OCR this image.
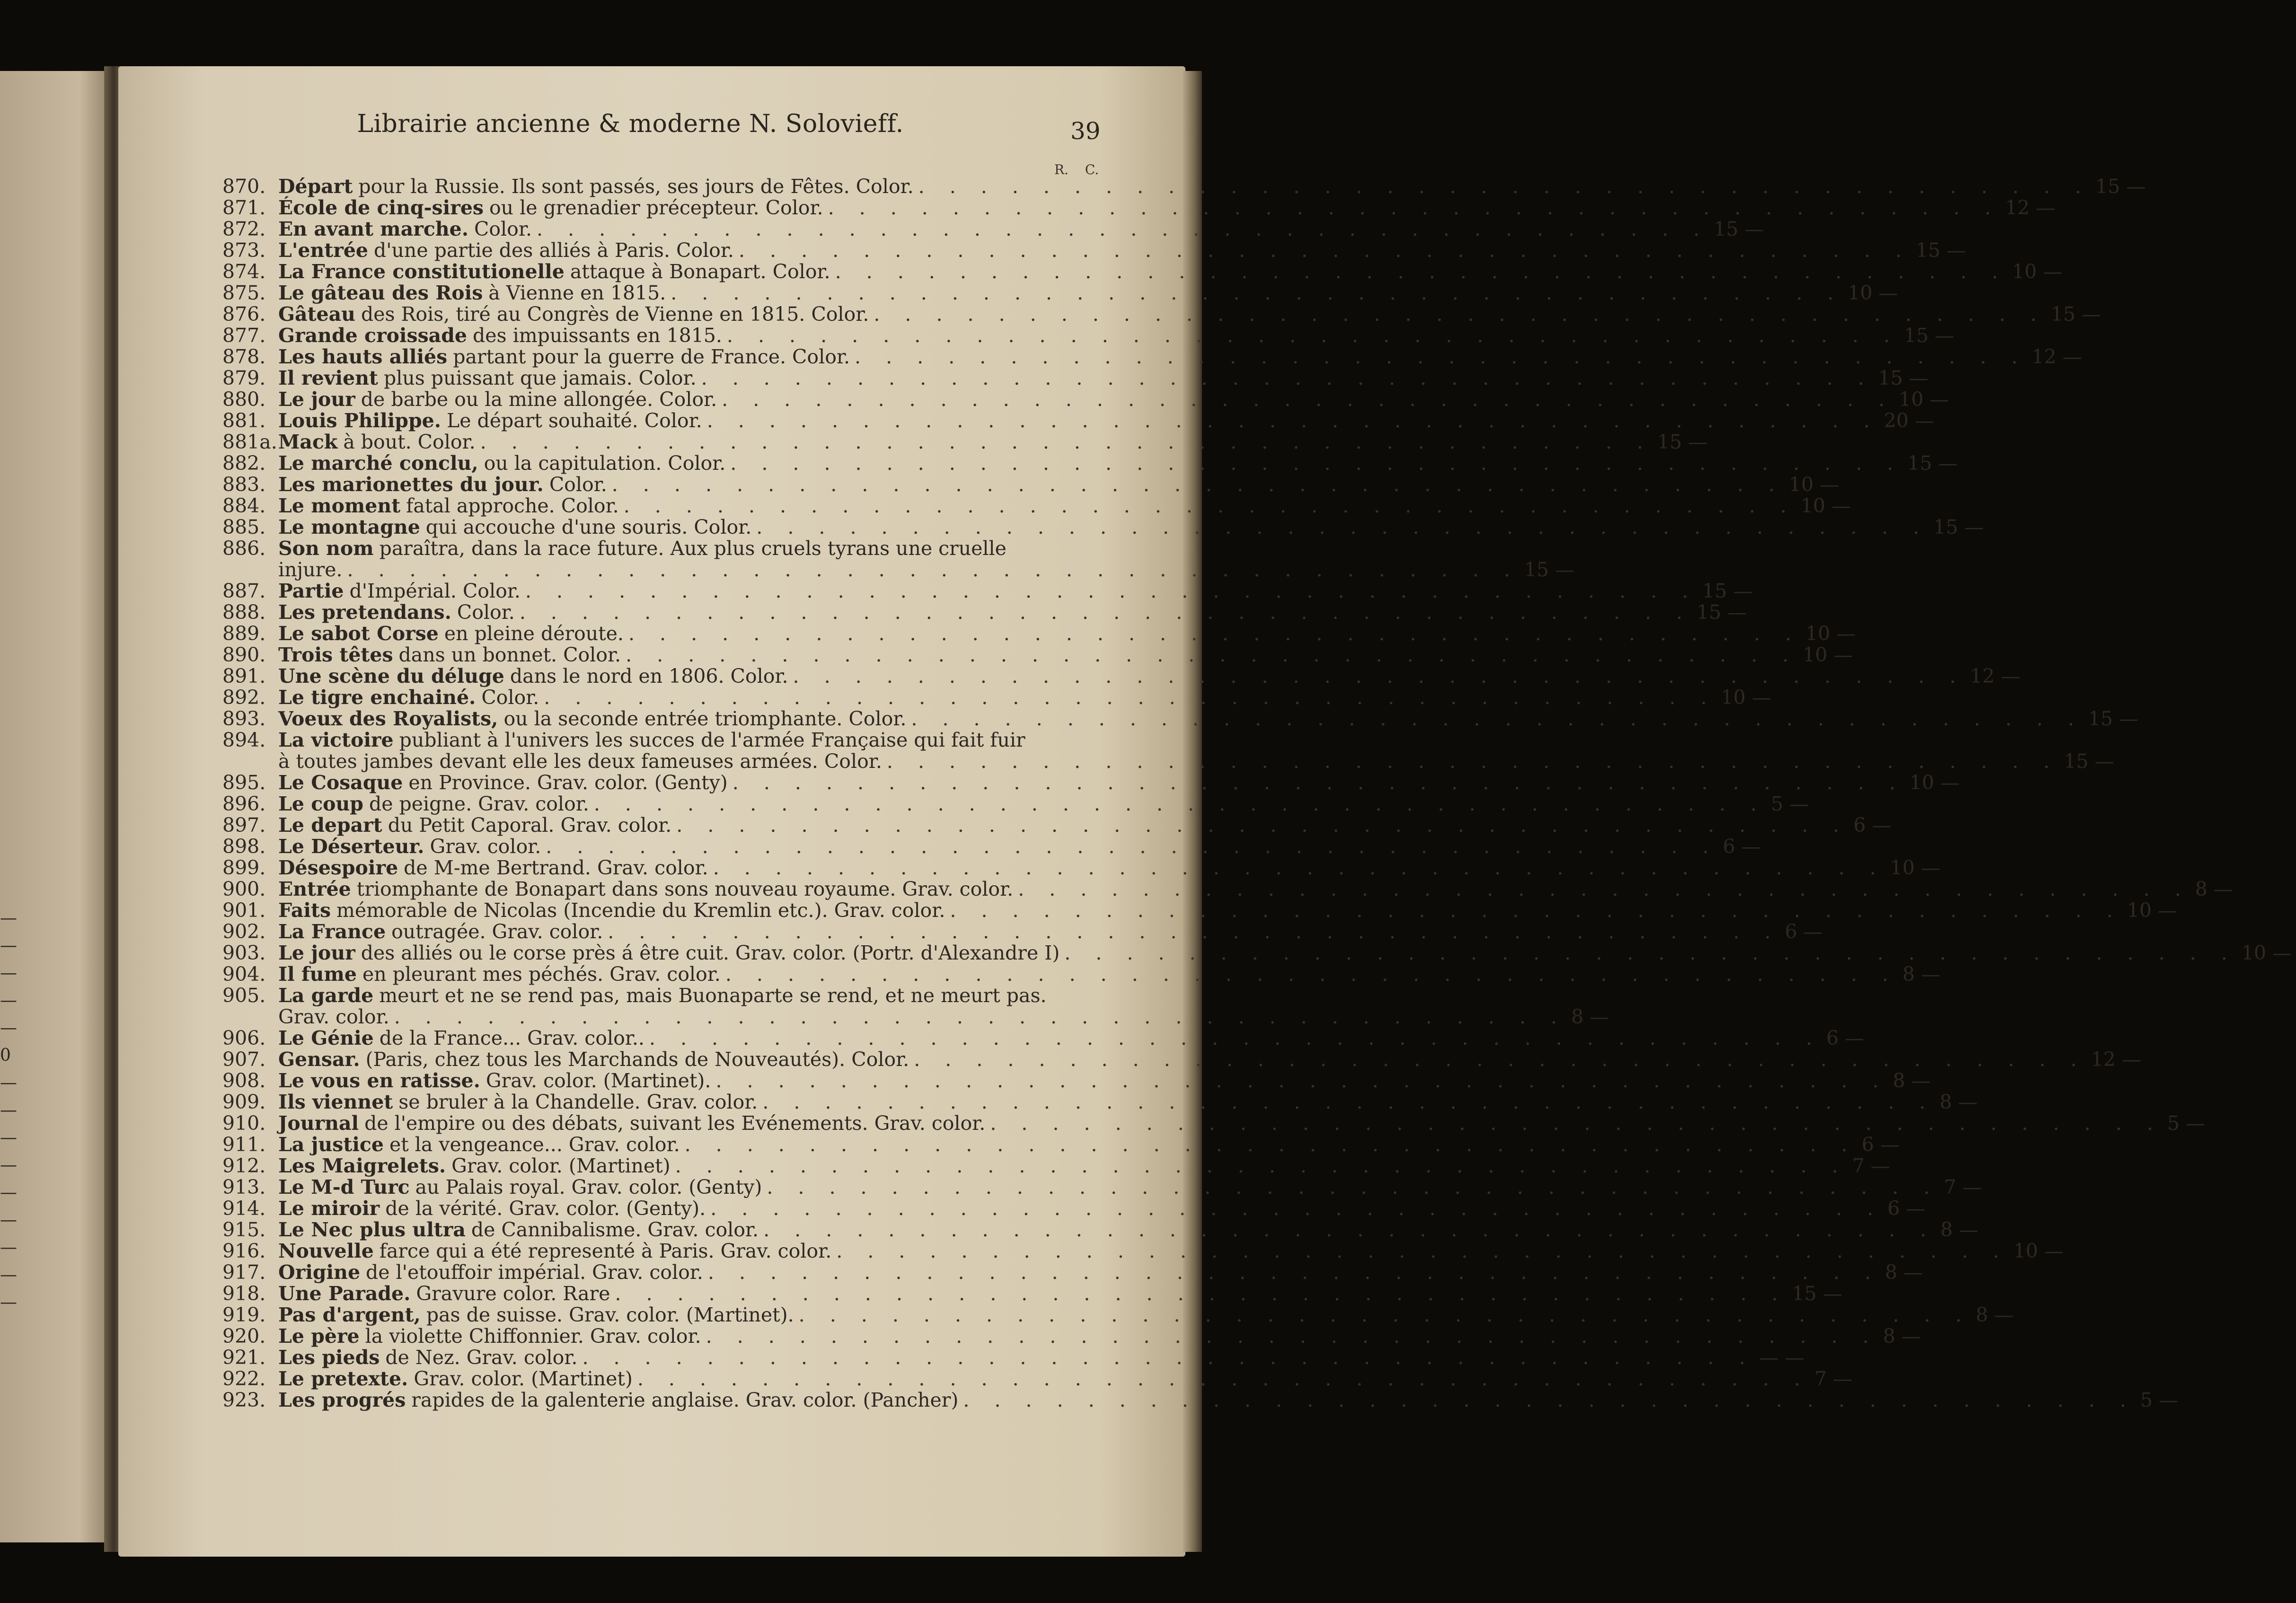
—
—
—
—
—
0
—
—
—
—
—
—
—
—
—
Librairie ancienne & moderne N. Solovieff.	39
R. C.
870. Départ pour la Russie. Ils sont passés, ses jours de Fêtes. Color. . . . . . . . . . . . . . . . . . . . . . . . . . . . . . . . . . . . . . . 15 —
871. École de cinq-sires ou le grenadier précepteur. Color. . . . . . . . . . . . . . . . . . . . . . . . . . . . . . . . . . . . . . . 12 —
872. En avant marche. Color. . . . . . . . . . . . . . . . . . . . . . . . . . . . . . . . . . . . . . . 15 —
873. L'entrée d'une partie des alliés à Paris. Color. . . . . . . . . . . . . . . . . . . . . . . . . . . . . . . . . . . . . . . 15 —
874. La France constitutionelle attaque à Bonapart. Color. . . . . . . . . . . . . . . . . . . . . . . . . . . . . . . . . . . . . . . 10 —
875. Le gâteau des Rois à Vienne en 1815. . . . . . . . . . . . . . . . . . . . . . . . . . . . . . . . . . . . . . . 10 —
876. Gâteau des Rois, tiré au Congrès de Vienne en 1815. Color. . . . . . . . . . . . . . . . . . . . . . . . . . . . . . . . . . . . . . . 15 —
877. Grande croissade des impuissants en 1815. . . . . . . . . . . . . . . . . . . . . . . . . . . . . . . . . . . . . . . 15 —
878. Les hauts alliés partant pour la guerre de France. Color. . . . . . . . . . . . . . . . . . . . . . . . . . . . . . . . . . . . . . . 12 —
879. Il revient plus puissant que jamais. Color. . . . . . . . . . . . . . . . . . . . . . . . . . . . . . . . . . . . . . . 15 —
880. Le jour de barbe ou la mine allongée. Color. . . . . . . . . . . . . . . . . . . . . . . . . . . . . . . . . . . . . . . 10 —
881. Louis Philippe. Le départ souhaité. Color. . . . . . . . . . . . . . . . . . . . . . . . . . . . . . . . . . . . . . . 20 —
881a. Mack à bout. Color. . . . . . . . . . . . . . . . . . . . . . . . . . . . . . . . . . . . . . . 15 —
882. Le marché conclu, ou la capitulation. Color. . . . . . . . . . . . . . . . . . . . . . . . . . . . . . . . . . . . . . . 15 —
883. Les marionettes du jour. Color. . . . . . . . . . . . . . . . . . . . . . . . . . . . . . . . . . . . . . . 10 —
884. Le moment fatal approche. Color. . . . . . . . . . . . . . . . . . . . . . . . . . . . . . . . . . . . . . . 10 —
885. Le montagne qui accouche d'une souris. Color. . . . . . . . . . . . . . . . . . . . . . . . . . . . . . . . . . . . . . . 15 —
886. Son nom paraîtra, dans la race future. Aux plus cruels tyrans une cruelle
injure. . . . . . . . . . . . . . . . . . . . . . . . . . . . . . . . . . . . . . . 15 —
887. Partie d'Impérial. Color. . . . . . . . . . . . . . . . . . . . . . . . . . . . . . . . . . . . . . . 15 —
888. Les pretendans. Color. . . . . . . . . . . . . . . . . . . . . . . . . . . . . . . . . . . . . . . 15 —
889. Le sabot Corse en pleine déroute. . . . . . . . . . . . . . . . . . . . . . . . . . . . . . . . . . . . . . . 10 —
890. Trois têtes dans un bonnet. Color. . . . . . . . . . . . . . . . . . . . . . . . . . . . . . . . . . . . . . . 10 —
891. Une scène du déluge dans le nord en 1806. Color. . . . . . . . . . . . . . . . . . . . . . . . . . . . . . . . . . . . . . . 12 —
892. Le tigre enchainé. Color. . . . . . . . . . . . . . . . . . . . . . . . . . . . . . . . . . . . . . . 10 —
893. Voeux des Royalists, ou la seconde entrée triomphante. Color. . . . . . . . . . . . . . . . . . . . . . . . . . . . . . . . . . . . . . . 15 —
894. La victoire publiant à l'univers les succes de l'armée Française qui fait fuir
à toutes jambes devant elle les deux fameuses armées. Color. . . . . . . . . . . . . . . . . . . . . . . . . . . . . . . . . . . . . . . 15 —
895. Le Cosaque en Province. Grav. color. (Genty) . . . . . . . . . . . . . . . . . . . . . . . . . . . . . . . . . . . . . . 10 —
896. Le coup de peigne. Grav. color. . . . . . . . . . . . . . . . . . . . . . . . . . . . . . . . . . . . . . . 5 —
897. Le depart du Petit Caporal. Grav. color. . . . . . . . . . . . . . . . . . . . . . . . . . . . . . . . . . . . . . . 6 —
898. Le Déserteur. Grav. color. . . . . . . . . . . . . . . . . . . . . . . . . . . . . . . . . . . . . . . 6 —
899. Désespoire de M-me Bertrand. Grav. color. . . . . . . . . . . . . . . . . . . . . . . . . . . . . . . . . . . . . . . 10 —
900. Entrée triomphante de Bonapart dans sons nouveau royaume. Grav. color. . . . . . . . . . . . . . . . . . . . . . . . . . . . . . . . . . . . . . . 8 —
901. Faits mémorable de Nicolas (Incendie du Kremlin etc.). Grav. color. . . . . . . . . . . . . . . . . . . . . . . . . . . . . . . . . . . . . . . 10 —
902. La France outragée. Grav. color. . . . . . . . . . . . . . . . . . . . . . . . . . . . . . . . . . . . . . . 6 —
903. Le jour des alliés ou le corse près á être cuit. Grav. color. (Portr. d'Alexandre I) . . . . . . . . . . . . . . . . . . . . . . . . . . . . . . . . . . . . . . 10 —
904. Il fume en pleurant mes péchés. Grav. color. . . . . . . . . . . . . . . . . . . . . . . . . . . . . . . . . . . . . . . 8 —
905. La garde meurt et ne se rend pas, mais Buonaparte se rend, et ne meurt pas.
Grav. color. . . . . . . . . . . . . . . . . . . . . . . . . . . . . . . . . . . . . . . 8 —
906. Le Génie de la France... Grav. color.. . . . . . . . . . . . . . . . . . . . . . . . . . . . . . . . . . . . . . . 6 —
907. Gensar. (Paris, chez tous les Marchands de Nouveautés). Color. . . . . . . . . . . . . . . . . . . . . . . . . . . . . . . . . . . . . . . 12 —
908. Le vous en ratisse. Grav. color. (Martinet). . . . . . . . . . . . . . . . . . . . . . . . . . . . . . . . . . . . . . . 8 —
909. Ils viennet se bruler à la Chandelle. Grav. color. . . . . . . . . . . . . . . . . . . . . . . . . . . . . . . . . . . . . . . 8 —
910. Journal de l'empire ou des débats, suivant les Evénements. Grav. color. . . . . . . . . . . . . . . . . . . . . . . . . . . . . . . . . . . . . . . 5 —
911. La justice et la vengeance... Grav. color. . . . . . . . . . . . . . . . . . . . . . . . . . . . . . . . . . . . . . . 6 —
912. Les Maigrelets. Grav. color. (Martinet) . . . . . . . . . . . . . . . . . . . . . . . . . . . . . . . . . . . . . . 7 —
913. Le M-d Turc au Palais royal. Grav. color. (Genty) . . . . . . . . . . . . . . . . . . . . . . . . . . . . . . . . . . . . . . 7 —
914. Le miroir de la vérité. Grav. color. (Genty). . . . . . . . . . . . . . . . . . . . . . . . . . . . . . . . . . . . . . . 6 —
915. Le Nec plus ultra de Cannibalisme. Grav. color. . . . . . . . . . . . . . . . . . . . . . . . . . . . . . . . . . . . . . . 8 —
916. Nouvelle farce qui a été representé à Paris. Grav. color. . . . . . . . . . . . . . . . . . . . . . . . . . . . . . . . . . . . . . . 10 —
917. Origine de l'etouffoir impérial. Grav. color. . . . . . . . . . . . . . . . . . . . . . . . . . . . . . . . . . . . . . . 8 —
918. Une Parade. Gravure color. Rare . . . . . . . . . . . . . . . . . . . . . . . . . . . . . . . . . . . . . . 15 —
919. Pas d'argent, pas de suisse. Grav. color. (Martinet). . . . . . . . . . . . . . . . . . . . . . . . . . . . . . . . . . . . . . . 8 —
920. Le père la violette Chiffonnier. Grav. color. . . . . . . . . . . . . . . . . . . . . . . . . . . . . . . . . . . . . . . 8 —
921. Les pieds de Nez. Grav. color. . . . . . . . . . . . . . . . . . . . . . . . . . . . . . . . . . . . . . . — —
922. Le pretexte. Grav. color. (Martinet) . . . . . . . . . . . . . . . . . . . . . . . . . . . . . . . . . . . . . . 7 —
923. Les progrés rapides de la galenterie anglaise. Grav. color. (Pancher) . . . . . . . . . . . . . . . . . . . . . . . . . . . . . . . . . . . . . . 5 —
